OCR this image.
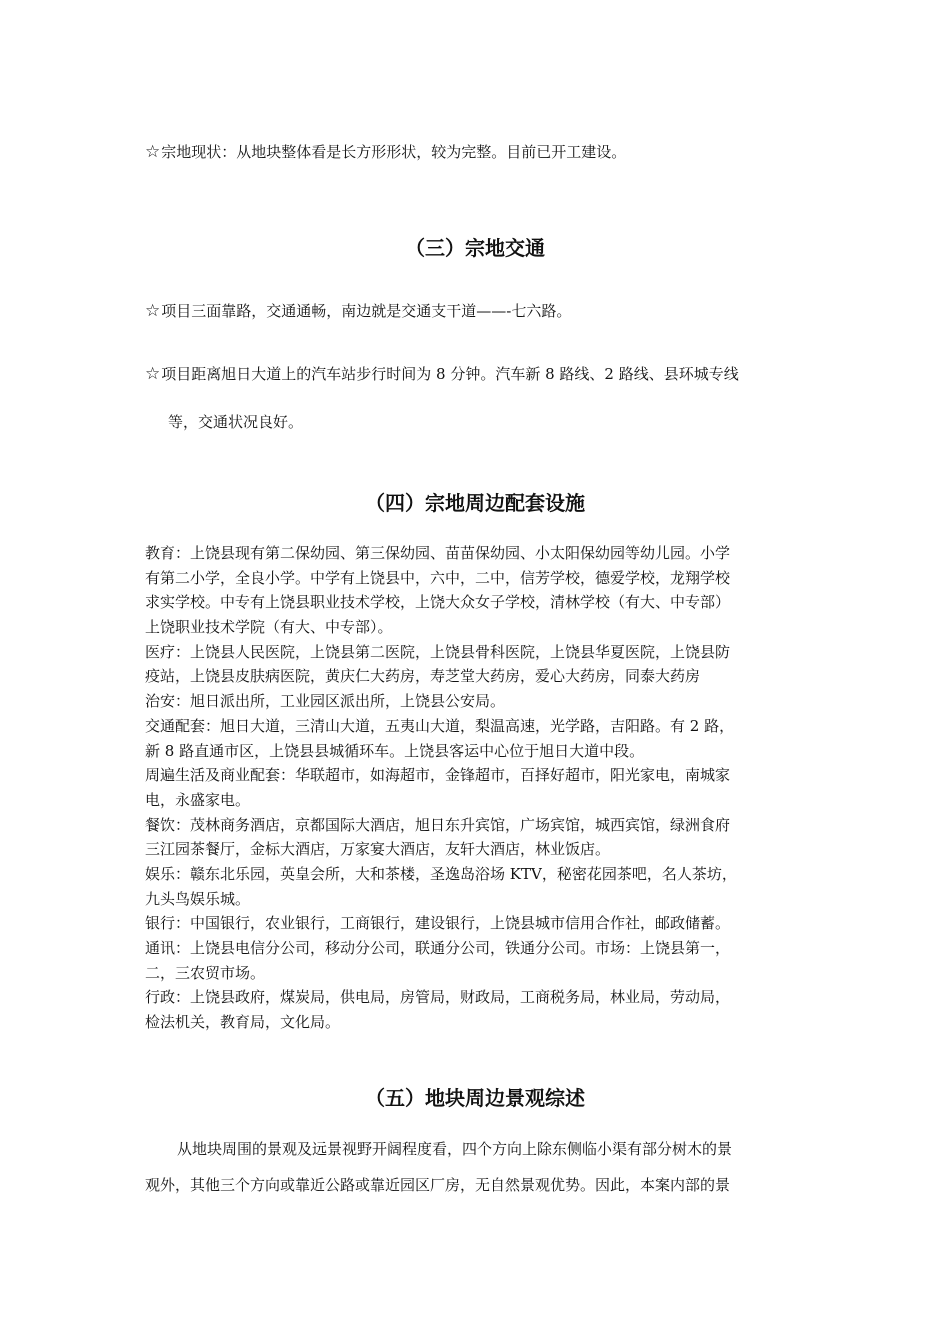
☆宗地现状：从地块整体看是长方形形状，较为完整。目前已开工建设。
（三）宗地交通
☆项目三面靠路，交通通畅，南边就是交通支干道——-七六路。
☆项目距离旭日大道上的汽车站步行时间为 8 分钟。汽车新 8 路线、2 路线、县环城专线
等，交通状况良好。
（四）宗地周边配套设施
教育：上饶县现有第二保幼园、第三保幼园、苗苗保幼园、小太阳保幼园等幼儿园。小学
有第二小学，全良小学。中学有上饶县中，六中，二中，信芳学校，德爱学校，龙翔学校
求实学校。中专有上饶县职业技术学校，上饶大众女子学校，清林学校（有大、中专部）
上饶职业技术学院（有大、中专部）。
医疗：上饶县人民医院，上饶县第二医院，上饶县骨科医院，上饶县华夏医院，上饶县防
疫站，上饶县皮肤病医院，黄庆仁大药房，寿芝堂大药房，爱心大药房，同泰大药房
治安：旭日派出所，工业园区派出所，上饶县公安局。
交通配套：旭日大道，三清山大道，五夷山大道，梨温高速，光学路，吉阳路。有 2 路，
新 8 路直通市区，上饶县县城循环车。上饶县客运中心位于旭日大道中段。
周遍生活及商业配套：华联超市，如海超市，金锋超市，百择好超市，阳光家电，南城家
电，永盛家电。
餐饮：茂林商务酒店，京都国际大酒店，旭日东升宾馆，广场宾馆，城西宾馆，绿洲食府
三江园茶餐厅，金标大酒店，万家宴大酒店，友轩大酒店，林业饭店。
娱乐：赣东北乐园，英皇会所，大和茶楼，圣逸岛浴场 KTV，秘密花园茶吧，名人茶坊，
九头鸟娱乐城。
银行：中国银行，农业银行，工商银行，建设银行，上饶县城市信用合作社，邮政储蓄。
通讯：上饶县电信分公司，移动分公司，联通分公司，铁通分公司。市场：上饶县第一，
二，三农贸市场。
行政：上饶县政府，煤炭局，供电局，房管局，财政局，工商税务局，林业局，劳动局，
检法机关，教育局，文化局。
（五）地块周边景观综述
从地块周围的景观及远景视野开阔程度看，四个方向上除东侧临小渠有部分树木的景
观外，其他三个方向或靠近公路或靠近园区厂房，无自然景观优势。因此，本案内部的景
